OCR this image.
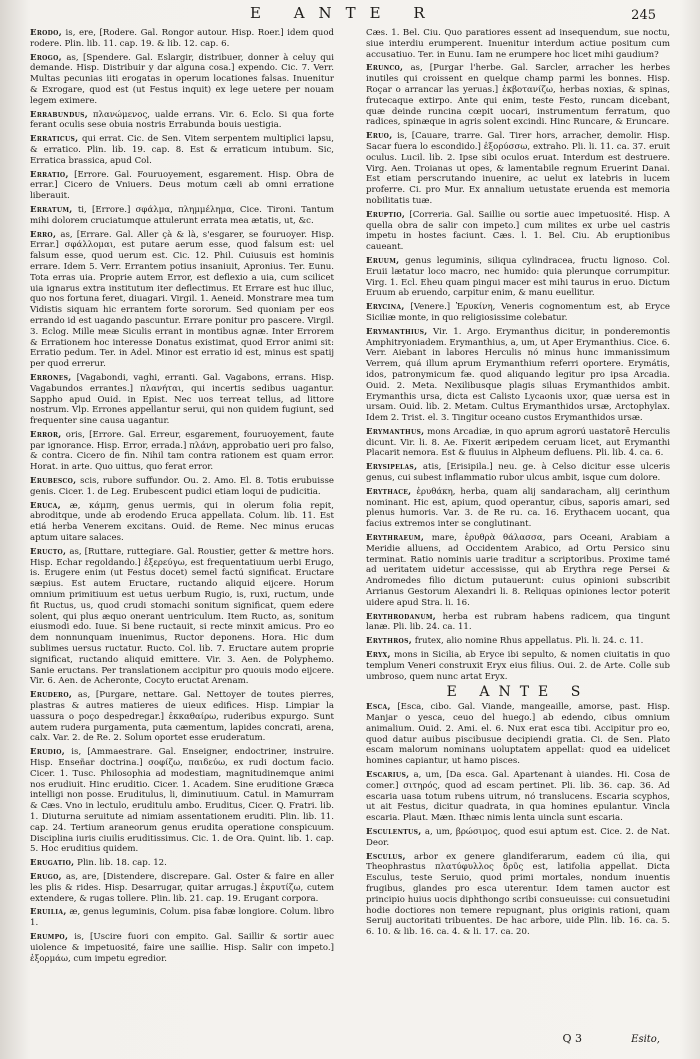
E ANTE R	245
Erodo, is, ere, [Rodere. Gal. Rongor autour. Hisp. Roer.] idem quod rodere. Plin. lib. 11. cap. 19. & lib. 12. cap. 6.
Erogo, as, [Spendere. Gal. Eslargir, distribuer, donner à celuy qui demande. Hisp. Distribuir y dar alguna cosa.] expendo. Cic. 7. Verr. Multas pecunias iiti erogatas in operum locationes falsas. Inuenitur & Exrogare, quod est (ut Festus inquit) ex lege uetere per nouam legem eximere.
Errabundus, πλανώμενος, ualde errans. Vir. 6. Eclo. Si qua forte ferant oculis sese obuia nostris Errabunda bouis uestigia.
Erraticus, qui errat. Cic. de Sen. Vitem serpentem multiplici lapsu, & erratico. Plin. lib. 19. cap. 8. Est & erraticum intubum. Sic, Erratica brassica, apud Col.
Erratio, [Errore. Gal. Fouruoyement, esgarement. Hisp. Obra de errar.] Cicero de Vniuers. Deus motum cæli ab omni erratione liberauit.
Erratum, ti, [Errore.] σφάλμα, πλημμέλημα, Cice. Tironi. Tantum mihi dolorem cruciatumque attulerunt errata mea ætatis, ut, &c.
Erro, as, [Errare. Gal. Aller çà & là, s'esgarer, se fouruoyer. Hisp. Errar.] σφάλλομαι, est putare aerum esse, quod falsum est: uel falsum esse, quod uerum est. Cic. 12. Phil. Cuiusuis est hominis errare. Idem 5. Verr. Errantem potius insaniuit, Apronius. Ter. Eunu. Tota erras uia. Proprie autem Error, est deflexio a uia, cum scilicet uia ignarus extra institutum iter deflectimus. Et Errare est huc illuc, quo nos fortuna feret, diuagari. Virgil. 1. Aeneid. Monstrare mea tum Vidistis siquam hic errantem forte sororum. Sed quoniam per eos errando id est uagando pascuntur. Errare ponitur pro pascere. Virgil. 3. Eclog. Mille meæ Siculis errant in montibus agnæ. Inter Errorem & Errationem hoc interesse Donatus existimat, quod Error animi sit: Erratio pedum. Ter. in Adel. Minor est erratio id est, minus est spatij per quod errerur.
Errones, [Vagabondi, vaghi, erranti. Gal. Vagabons, errans. Hisp. Vagabundos errantes.] πλανήται, qui incertis sedibus uagantur. Sappho apud Ouid. in Epist. Nec uos terreat tellus, ad littore nostrum. Vlp. Errones appellantur serui, qui non quidem fugiunt, sed frequenter sine causa uagantur.
Error, oris, [Errore. Gal. Erreur, esgarement, fouruoyement, faute par ignorance. Hisp. Error, errada.] πλάνη, approbatio ueri pro falso, & contra. Cicero de fin. Nihil tam contra rationem est quam error. Horat. in arte. Quo uittus, quo ferat error.
Erubesco, scis, rubore suffundor. Ou. 2. Amo. El. 8. Totis erubuisse genis. Cicer. 1. de Leg. Erubescent pudici etiam loqui de pudicitia.
Eruca, æ, κάμπη, genus uermis, qui in olerum folia repit, abroditque, unde ab erodendo Eruca appellata. Colum. lib. 11. Est etiá herba Venerem excitans. Ouid. de Reme. Nec minus erucas aptum uitare salaces.
Eructo, as, [Ruttare, ruttegiare. Gal. Roustier, getter & mettre hors. Hisp. Echar regoldando.] ἐξερεύγω, est frequentatiuum uerbi Erugo, is. Erugere enim (ut Festus docet) semel factú significat. Eructare sæpius. Est autem Eructare, ructando aliquid eijcere. Horum omnium primitiuum est uetus uerbum Rugio, is, ruxi, ructum, unde fit Ructus, us, quod crudi stomachi sonitum significat, quem edere solent, qui plus æquo onerant uentriculum. Item Ructo, as, sonitum eiusmodi edo. Iuue. Si bene ructauit, si recte minxit amicus. Pro eo dem nonnunquam inuenimus, Ructor deponens. Hora. Hic dum sublimes uersus ructatur. Ructo. Col. lib. 7. Eructare autem proprie significat, ructando aliquid emittere. Vir. 3. Aen. de Polyphemo. Sanie eructans. Per translationem accipitur pro quouis modo eijcere. Vir. 6. Aen. de Acheronte, Cocyto eructat Arenam.
Erudero, as, [Purgare, nettare. Gal. Nettoyer de toutes pierres, plastras & autres matieres de uieux edifices. Hisp. Limpiar la uassura o poço despedregar.] ἐκκαθαίρω, ruderibus expurgo. Sunt autem rudera purgamenta, puta cæmentum, lapides concrati, arena, calx. Var. 2. de Re. 2. Solum oportet esse eruderatum.
Erudio, is, [Ammaestrare. Gal. Enseigner, endoctriner, instruire. Hisp. Enseñar doctrina.] σοφίζω, παιδεύω, ex rudi doctum facio. Cicer. 1. Tusc. Philosophia ad modestiam, magnitudinemque animi nos erudiuit. Hinc eruditio. Cicer. 1. Academ. Sine eruditione Græca intelligi non posse. Eruditulus, li, diminutiuum. Catul. in Mamurram & Cæs. Vno in lectulo, eruditulu ambo. Eruditus, Cicer. Q. Fratri. lib. 1. Diuturna seruitute ad nimiam assentationem eruditi. Plin. lib. 11. cap. 24. Tertium araneorum genus erudita operatione conspicuum. Disciplina iuris ciuilis eruditissimus. Cic. 1. de Ora. Quint. lib. 1. cap. 5. Hoc eruditius quidem.
Erugatio, Plin. lib. 18. cap. 12.
Erugo, as, are, [Distendere, discrepare. Gal. Oster & faire en aller les plis & rides. Hisp. Desarrugar, quitar arrugas.] ἐκρυτίζω, cutem extendere, & rugas tollere. Plin. lib. 21. cap. 19. Erugant corpora.
Eruilia, æ, genus leguminis, Colum. pisa fabæ longiore. Colum. libro 1.
Erumpo, is, [Uscire fuori con empito. Gal. Saillir & sortir auec uiolence & impetuosité, faire une saillie. Hisp. Salir con impeto.] ἐξορμάω, cum impetu egredior.
Cæs. 1. Bel. Ciu. Quo paratiores essent ad insequendum, sue noctu, siue interdiu erumperent. Inuenitur interdum actiue positum cum accusatiuo. Ter. in Eunu. Iam ne erumpere hoc licet mihi gaudium?
Erunco, as, [Purgar l'herbe. Gal. Sarcler, arracher les herbes inutiles qui croissent en quelque champ parmi les bonnes. Hisp. Roçar o arrancar las yeruas.] ἐκβοτανίζω, herbas noxias, & spinas, frutecaque extirpo. Ante qui enim, teste Festo, runcam dicebant, quæ deinde runcina cœpit uocari, instrumentum ferratum, quo radices, spinæque in agris solent excindi. Hinc Runcare, & Eruncare.
Eruo, is, [Cauare, trarre. Gal. Tirer hors, arracher, demolir. Hisp. Sacar fuera lo escondido.] ἐξορύσσω, extraho. Pli. li. 11. ca. 37. eruit oculus. Lucil. lib. 2. Ipse sibi oculos eruat. Interdum est destruere. Virg. Aen. Troianas ut opes, & lamentabile regnum Eruerint Danai. Est etiam perscrutando inuenire, ac uelut ex latebris in lucem proferre. Ci. pro Mur. Ex annalium uetustate eruenda est memoria nobilitatis tuæ.
Eruptio, [Correria. Gal. Saillie ou sortie auec impetuosité. Hisp. A quella obra de salir con impeto.] cum milites ex urbe uel castris impetu in hostes faciunt. Cæs. l. 1. Bel. Ciu. Ab eruptionibus caueant.
Eruum, genus leguminis, siliqua cylindracea, fructu lignoso. Col. Eruii lætatur loco macro, nec humido: quia plerunque corrumpitur. Virg. 1. Ecl. Eheu quam pingui macer est mihi taurus in eruo. Dictum Eruum ab eruendo, carpitur enim, & manu euellitur.
Erycina, [Venere.] Ἐρυκίνη, Veneris cognomentum est, ab Eryce Siciliæ monte, in quo religiosissime colebatur.
Erymanthius, Vir. 1. Argo. Erymanthus dicitur, in ponderemontis Amphitryoniadem. Erymanthius, a, um, ut Aper Erymanthius. Cice. 6. Verr. Aiebant in labores Herculis nó minus hunc immanissimum Verrem, quá illum aprum Erymanthium referri oportere. Erymátis, idos, patronymicum fæ. quod aliquando legitur pro ipsa Arcadia. Ouid. 2. Meta. Nexilibusque plagis siluas Erymanthidos ambit. Erymanthis ursa, dicta est Calisto Lycaonis uxor, quæ uersa est in ursam. Ouid. lib. 2. Metam. Cultus Erymanthidos ursæ, Arctophylax. Idem 2. Trist. el. 3. Tingitur oceano custos Erymanthidos ursæ.
Erymanthus, mons Arcadiæ, in quo aprum agrorú uastatorē Herculis dicunt. Vir. li. 8. Ae. Fixerit æripedem ceruam licet, aut Erymanthi Placarit nemora. Est & fluuius in Alpheum defluens. Pli. lib. 4. ca. 6.
Erysipelas, atis, [Erisipila.] neu. ge. à Celso dicitur esse ulceris genus, cui subest inflammatio rubor ulcus ambit, isque cum dolore.
Erythace, ἐρυθάκη, herba, quam alij sandaracham, alij cerinthum nominant. Hic est, apium, quod operantur, cibus, saporis amari, sed plenus humoris. Var. 3. de Re ru. ca. 16. Erythacem uocant, qua facius extremos inter se conglutinant.
Erythraeum, mare, ἐρυθρὰ θάλασσα, pars Oceani, Arabiam a Meridie alluens, ad Occidentem Arabico, ad Ortu Persico sinu terminat. Ratio nominis uarie traditur a scriptoribus. Proxime tamé ad ueritatem uidetur accessisse, qui ab Erythra rege Persei & Andromedes filio dictum putauerunt: cuius opinioni subscribit Arrianus Gestorum Alexandri li. 8. Reliquas opiniones lector poterit uidere apud Stra. li. 16.
Erythrodanum, herba est rubram habens radicem, qua tingunt lanæ. Pli. lib. 24. ca. 11.
Erythros, frutex, alio nomine Rhus appellatus. Pli. li. 24. c. 11.
Eryx, mons in Sicilia, ab Eryce ibi sepulto, & nomen ciuitatis in quo templum Veneri construxit Eryx eius filius. Oui. 2. de Arte. Colle sub umbroso, quem nunc artat Eryx.
E ANTE S
Esca, [Esca, cibo. Gal. Viande, mangeaille, amorse, past. Hisp. Manjar o yesca, ceuo del huego.] ab edendo, cibus omnium animalium. Ouid. 2. Ami. el. 6. Nux erat esca tibi. Accipitur pro eo, quod datur auibus piscibusue decipiendi gratia. Ci. de Sen. Plato escam malorum nominans uoluptatem appellat: quod ea uidelicet homines capiantur, ut hamo pisces.
Escarius, a, um, [Da esca. Gal. Apartenant à uiandes. Hi. Cosa de comer.] σιτηρός, quod ad escam pertinet. Pli. lib. 36. cap. 36. Ad escaria uasa totum rubens uitrum, nó translucens. Escaria scyphos, ut ait Festus, dicitur quadrata, in qua homines epulantur. Vincla escaria. Plaut. Mæn. Ithæc nimis lenta uincla sunt escaria.
Esculentus, a, um, βρώσιμος, quod esui aptum est. Cice. 2. de Nat. Deor.
Esculus, arbor ex genere glandiferarum, eadem cú ilia, qui Theophrastus πλατύφυλλος δρῦς est, latifolia appellat. Dicta Esculus, teste Seruio, quod primi mortales, nondum inuentis frugibus, glandes pro esca uterentur. Idem tamen auctor est principio huius uocis diphthongo scribi consueuisse: cui consuetudini hodie doctiores non temere repugnant, plus originis rationi, quam Seruij auctoritati tribuentes. De hac arbore, uide Plin. lib. 16. ca. 5. 6. 10. & lib. 16. ca. 4. & li. 17. ca. 20.
Q 3	Esito,
